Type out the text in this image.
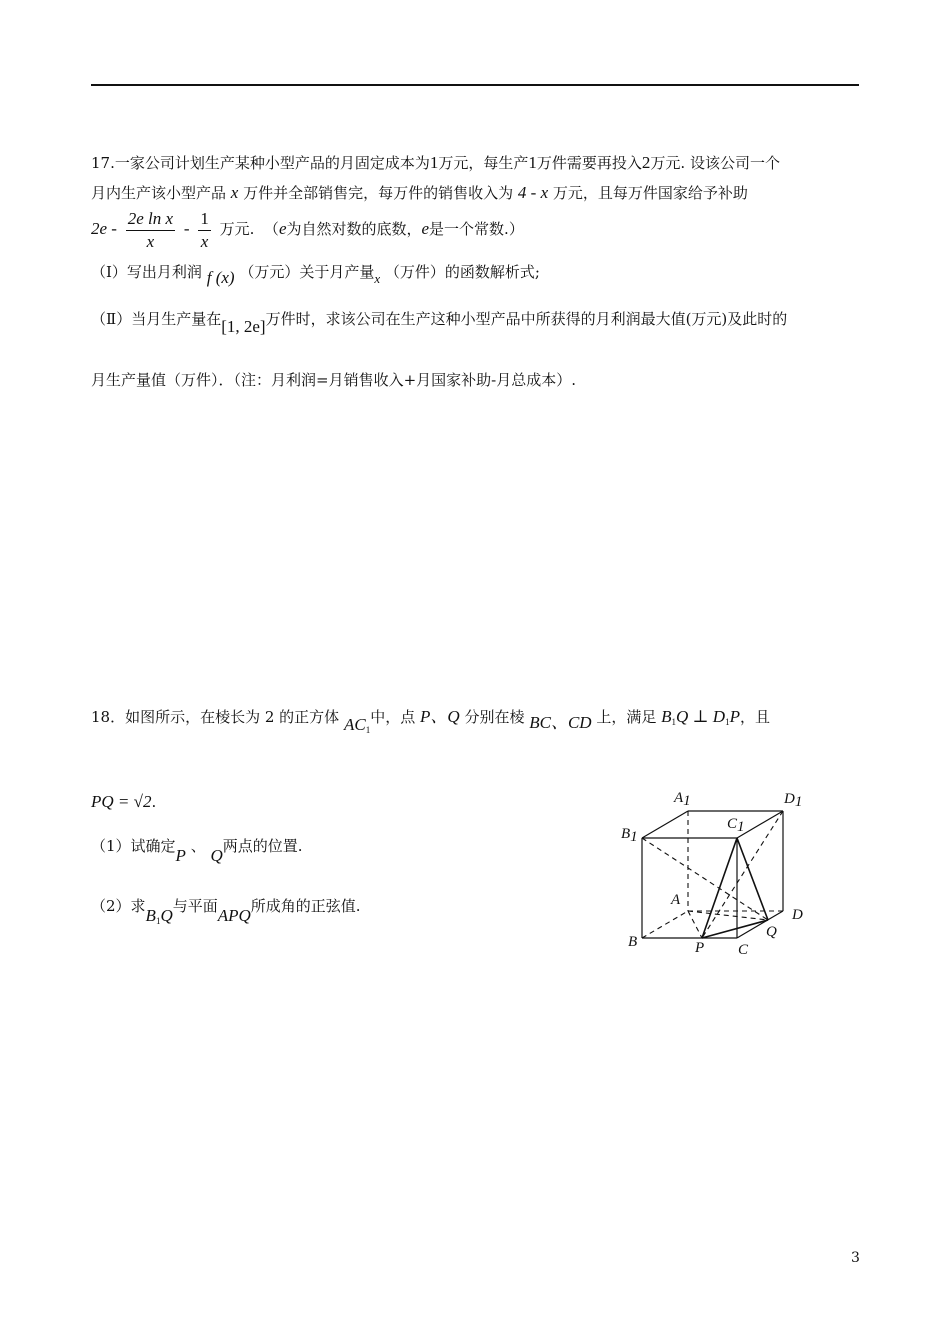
17.一家公司计划生产某种小型产品的月固定成本为1万元，每生产1万件需要再投入2万元. 设该公司一个
月内生产该小型产品 x 万件并全部销售完，每万件的销售收入为 4 - x 万元，且每万件国家给予补助
$2e - \frac{\text{2e ln x}}{x} - \frac{1}{x}$ 万元. （e为自然对数的底数，e是一个常数.）
（Ⅰ）写出月利润 f (x) （万元）关于月产量x （万件）的函数解析式;
（Ⅱ）当月生产量在[1, 2e]万件时，求该公司在生产这种小型产品中所获得的月利润最大值(万元)及此时的
月生产量值（万件）．（注：月利润=月销售收入+月国家补助-月总成本）.
18．如图所示，在棱长为 2 的正方体 $AC_1$中，点 P、Q 分别在棱 BC、CD 上，满足 $B_1Q$ ⊥ $D_1P$，且
PQ = √2.
（1）试确定P 、 Q两点的位置.
（2）求$B_1Q$与平面APQ所成角的正弦值.
A1	D1
C1
B1
A
D
Q
B	P C
3
